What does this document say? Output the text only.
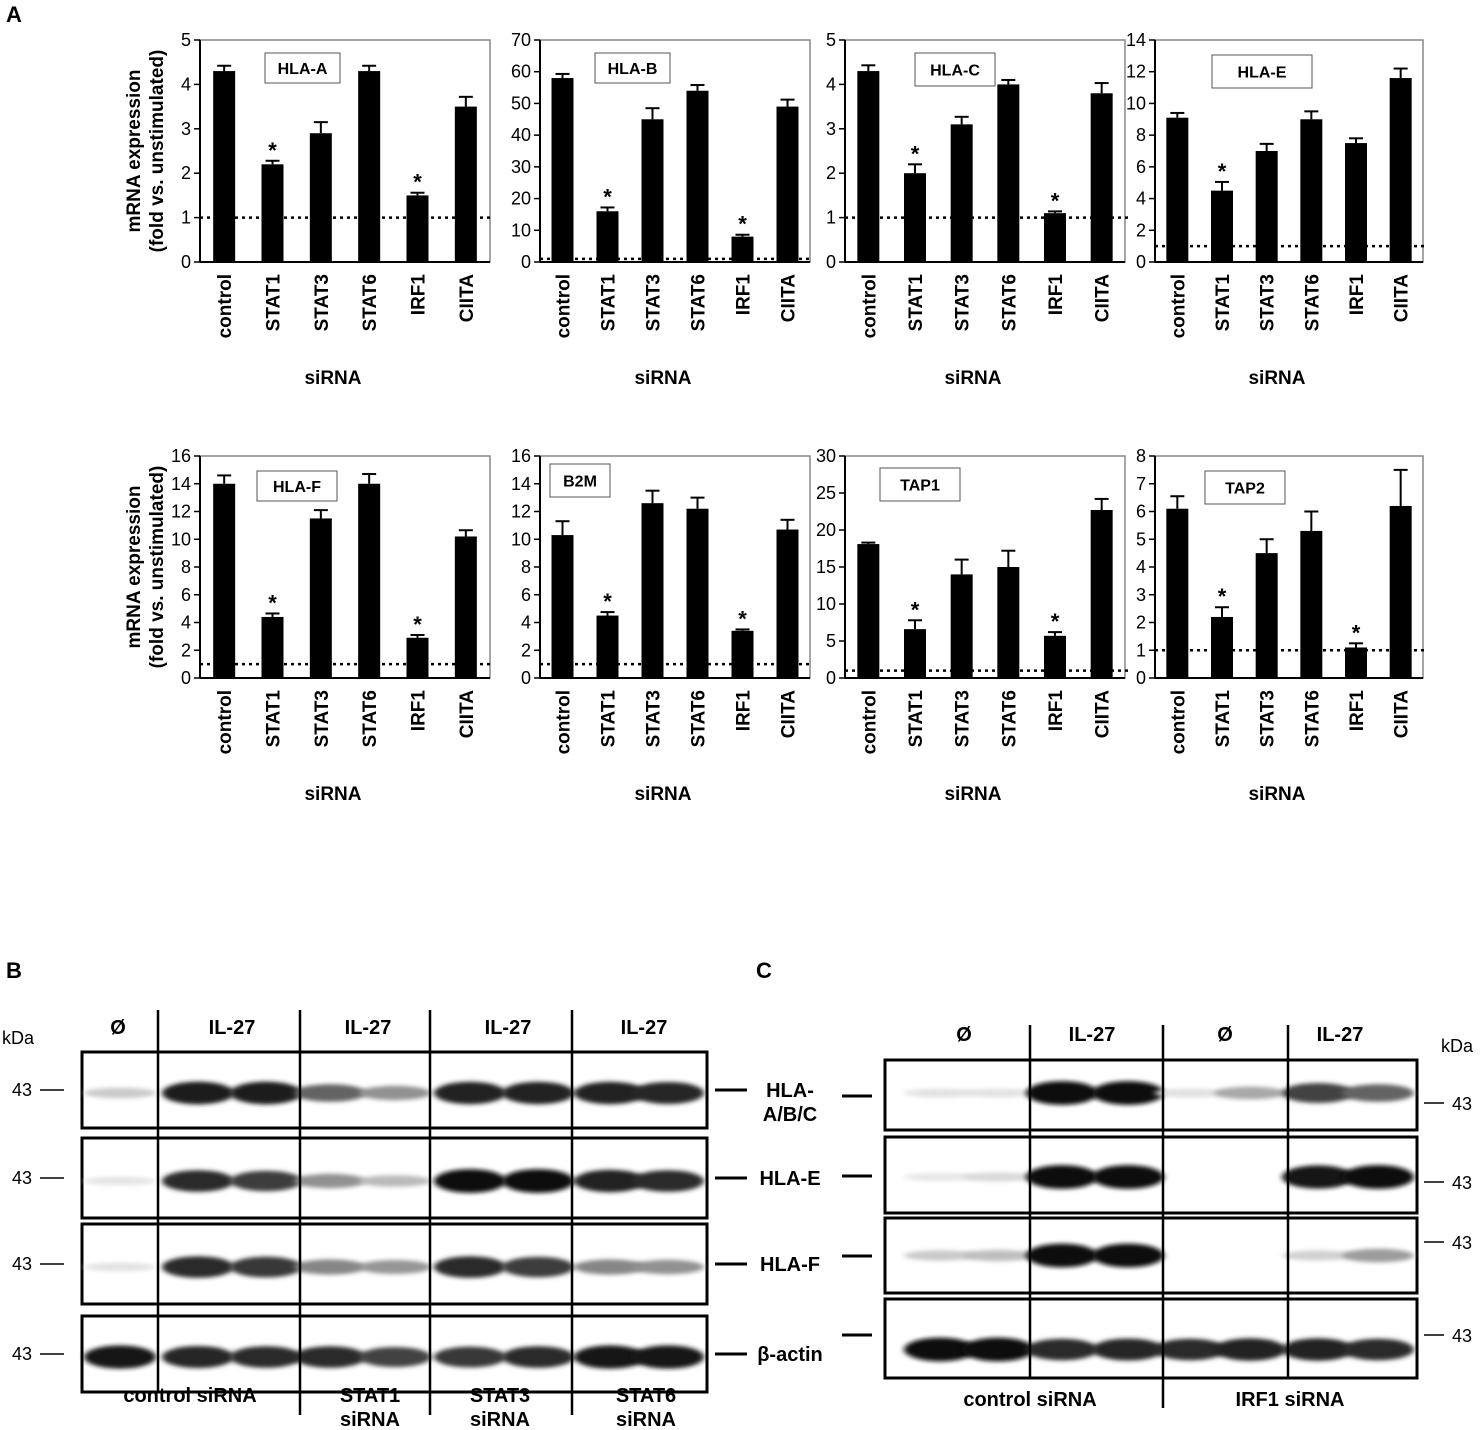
A
B	C
0
1
2
3
4
5
control
*
STAT1 STAT3 STAT6
*
IRF1 CIITA
HLA-A
siRNA
mRNA expression (fold vs. unstimulated)
0
10
20
30
40
50
60
70
control
*
STAT1 STAT3 STAT6
*
IRF1 CIITA
HLA-B
siRNA
0
1
2
3
4
5
control
*
STAT1 STAT3 STAT6
*
IRF1 CIITA
HLA-C
siRNA
0
2
4
6
8
10
12
14
control
*
STAT1 STAT3 STAT6 IRF1 CIITA
HLA-E
siRNA
0
2
4
6
8
10
12
14
16
control
*
STAT1 STAT3 STAT6
*
IRF1 CIITA
HLA-F
siRNA
mRNA expression (fold vs. unstimulated)
0
2
4
6
8
10
12
14
16
control
*
STAT1 STAT3 STAT6
*
IRF1 CIITA
B2M
siRNA
0
5
10
15
20
25
30
control
*
STAT1 STAT3 STAT6
*
IRF1 CIITA
TAP1
siRNA
0
1
2
3
4
5
6
7
8
control
*
STAT1 STAT3 STAT6
*
IRF1 CIITA
TAP2
siRNA
kDa	Ø	IL-27	IL-27	IL-27	IL-27
43	HLA-
A/B/C
43	HLA-E
43	HLA-F
43	β-actin
control siRNA	STAT1
siRNA
STAT3
siRNA
STAT6
siRNA
kDa
Ø	IL-27	Ø	IL-27
43
43
43
43
control siRNA	IRF1 siRNA
